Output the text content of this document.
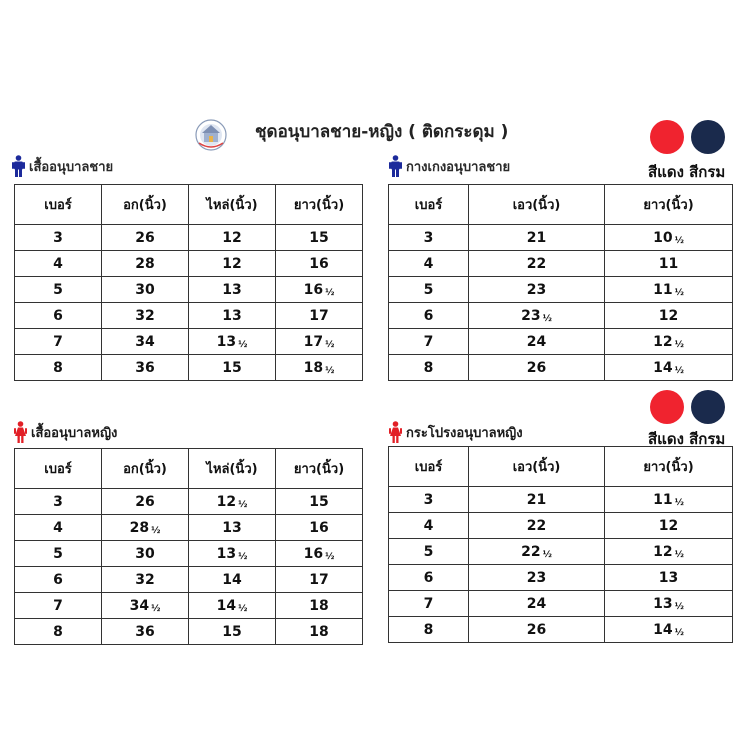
ชุดอนุบาลชาย-หญิง ( ติดกระดุม )
สีแดง สีกรม
สีแดง สีกรม
เสื้ออนุบาลชาย	กางเกงอนุบาลชาย
เสื้ออนุบาลหญิง	กระโปรงอนุบาลหญิง
เบอร์	อก(นิ้ว)	ไหล่(นิ้ว)	ยาว(นิ้ว)
3	26	12	15
4	28	12	16
5	30	13	16 ½
6	32	13	17
7	34	13 ½	17 ½
8	36	15	18 ½
เบอร์	เอว(นิ้ว)	ยาว(นิ้ว)
3	21	10 ½
4	22	11
5	23	11 ½
6	23 ½	12
7	24	12 ½
8	26	14 ½
เบอร์	อก(นิ้ว)	ไหล่(นิ้ว)	ยาว(นิ้ว)
3	26	12 ½	15
4	28 ½	13	16
5	30	13 ½	16 ½
6	32	14	17
7	34 ½	14 ½	18
8	36	15	18
เบอร์	เอว(นิ้ว)	ยาว(นิ้ว)
3	21	11 ½
4	22	12
5	22 ½	12 ½
6	23	13
7	24	13 ½
8	26	14 ½
